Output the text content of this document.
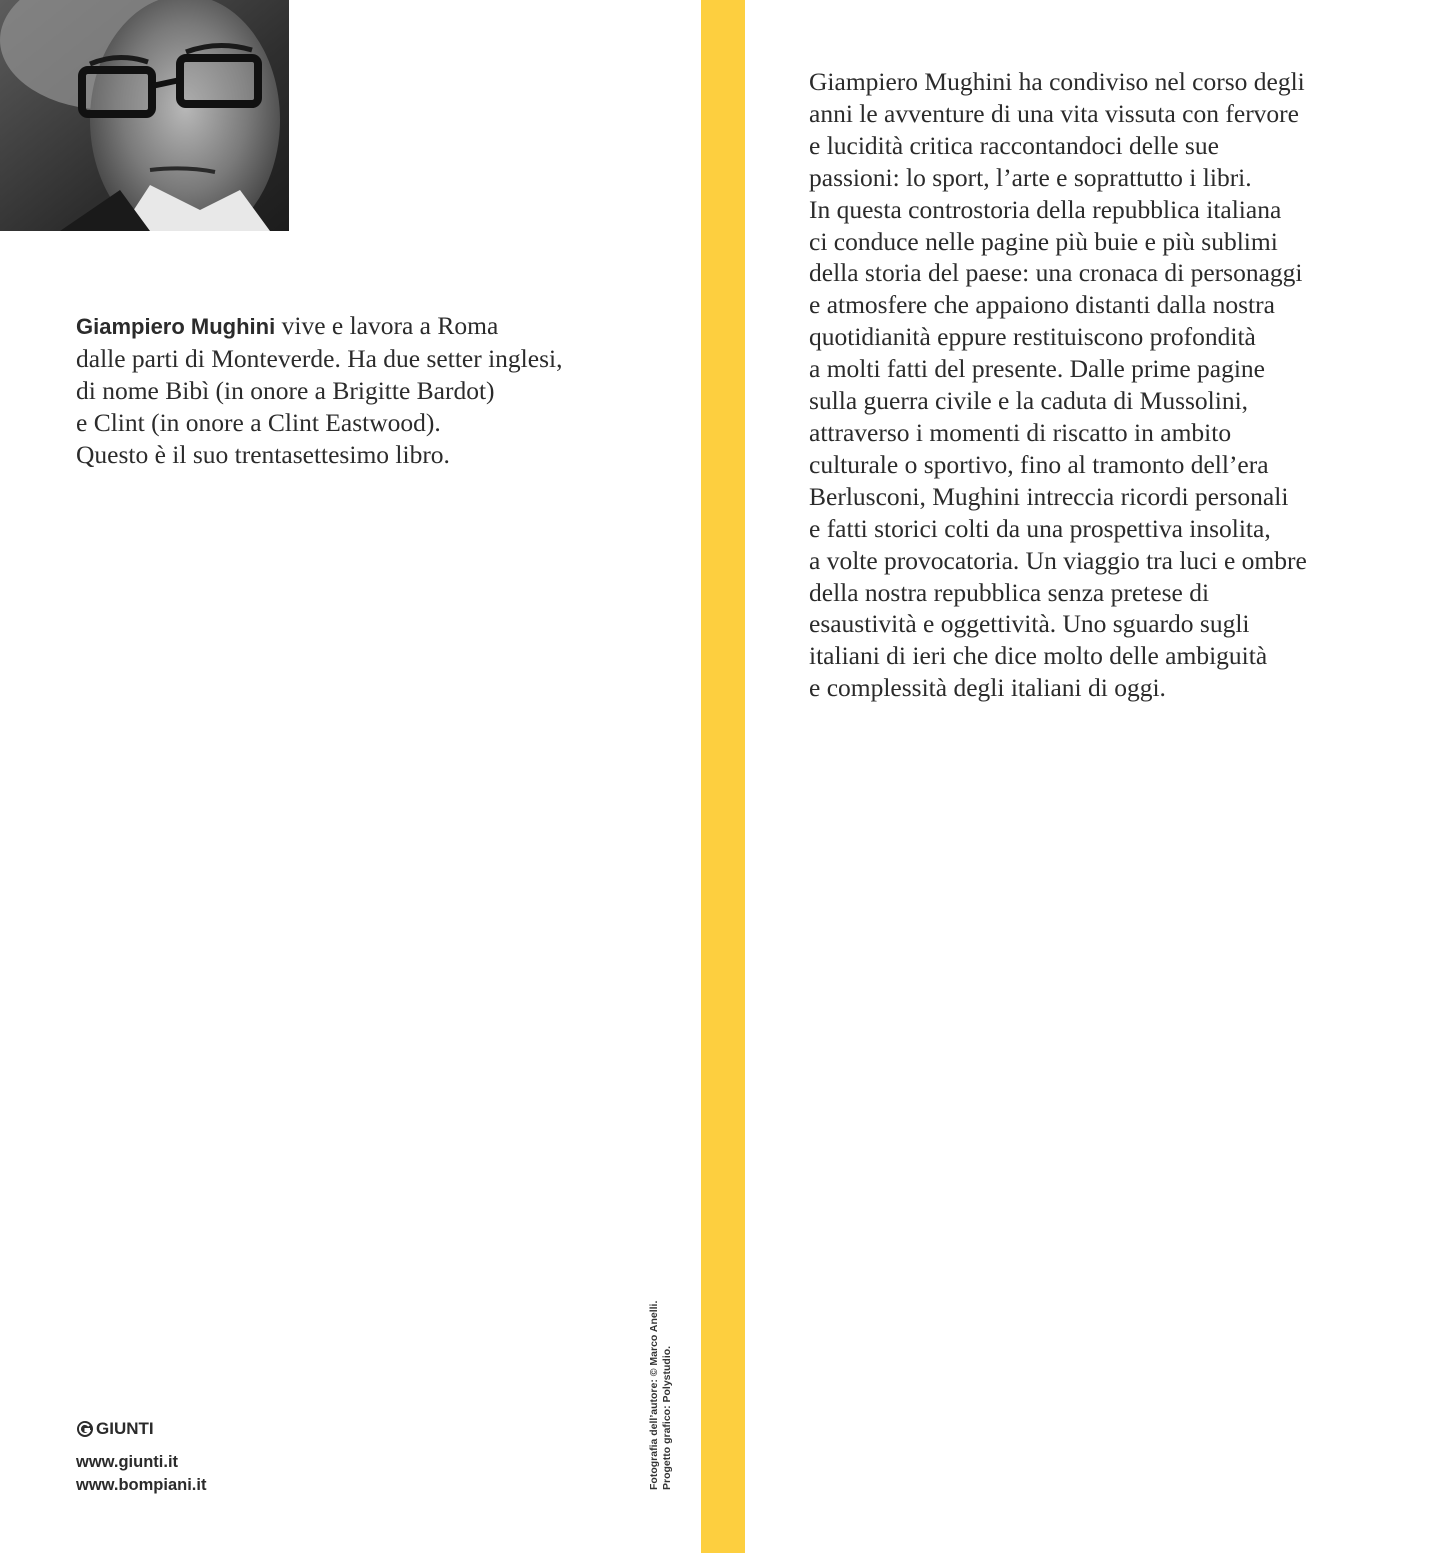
Giampiero Mughini vive e lavora a Roma
dalle parti di Monteverde. Ha due setter inglesi,
di nome Bibì (in onore a Brigitte Bardot)
e Clint (in onore a Clint Eastwood).
Questo è il suo trentasettesimo libro.

Giampiero Mughini ha condiviso nel corso degli
anni le avventure di una vita vissuta con fervore
e lucidità critica raccontandoci delle sue
passioni: lo sport, l’arte e soprattutto i libri.
In questa controstoria della repubblica italiana
ci conduce nelle pagine più buie e più sublimi
della storia del paese: una cronaca di personaggi
e atmosfere che appaiono distanti dalla nostra
quotidianità eppure restituiscono profondità
a molti fatti del presente. Dalle prime pagine
sulla guerra civile e la caduta di Mussolini,
attraverso i momenti di riscatto in ambito
culturale o sportivo, fino al tramonto dell’era
Berlusconi, Mughini intreccia ricordi personali
e fatti storici colti da una prospettiva insolita,
a volte provocatoria. Un viaggio tra luci e ombre
della nostra repubblica senza pretese di
esaustività e oggettività. Uno sguardo sugli
italiani di ieri che dice molto delle ambiguità
e complessità degli italiani di oggi.

Fotografia dell’autore: © Marco Anelli. Progetto grafico: Polystudio.
GIUNTI
www.giunti.it
www.bompiani.it
